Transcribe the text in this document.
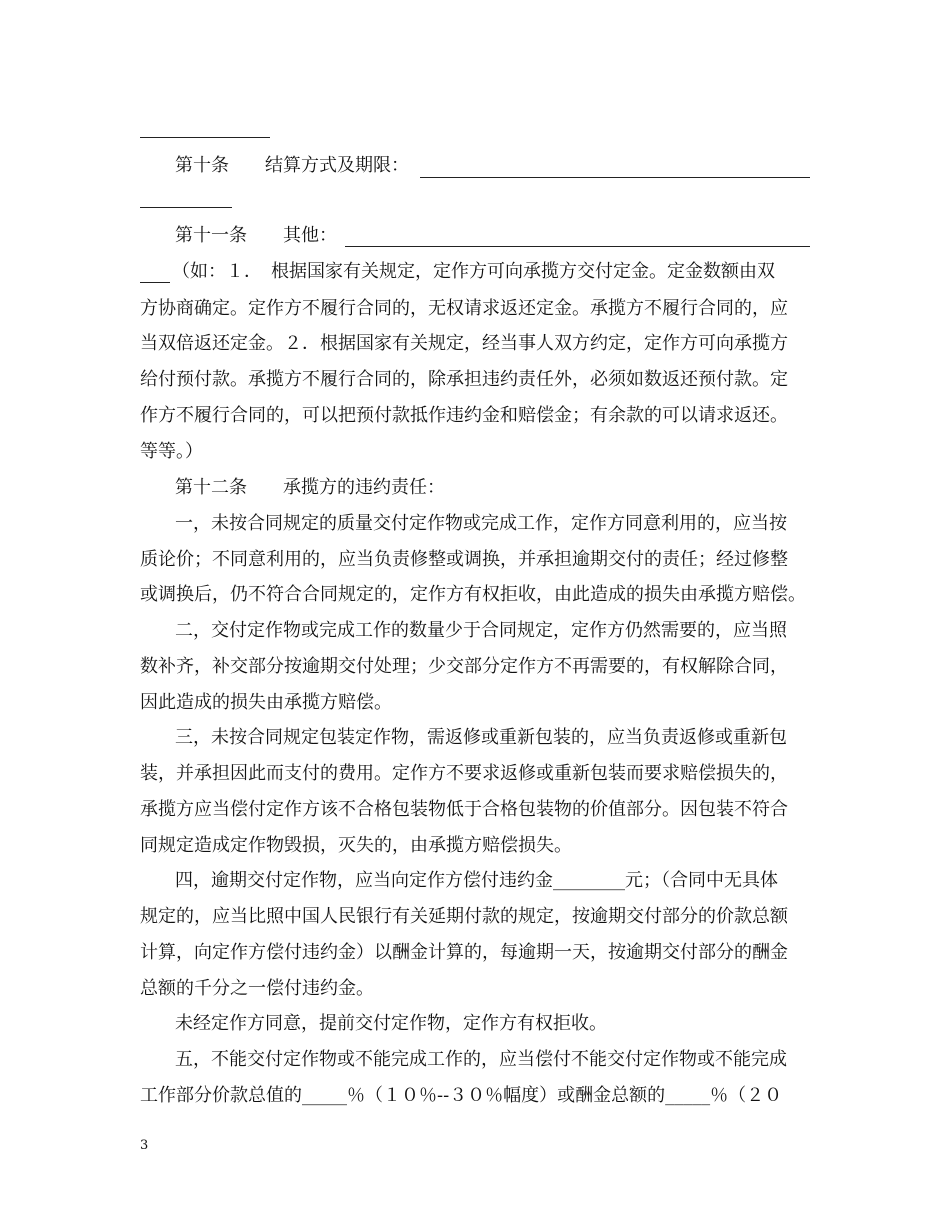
第十条　　结算方式及期限：
第十一条　　其他：
（如：１．　根据国家有关规定，定作方可向承揽方交付定金。定金数额由双
方协商确定。定作方不履行合同的，无权请求返还定金。承揽方不履行合同的，应
当双倍返还定金。２．根据国家有关规定，经当事人双方约定，定作方可向承揽方
给付预付款。承揽方不履行合同的，除承担违约责任外，必须如数返还预付款。定
作方不履行合同的，可以把预付款抵作违约金和赔偿金；有余款的可以请求返还。
等等。）
第十二条　　承揽方的违约责任：
一，未按合同规定的质量交付定作物或完成工作，定作方同意利用的，应当按
质论价；不同意利用的，应当负责修整或调换，并承担逾期交付的责任；经过修整
或调换后，仍不符合合同规定的，定作方有权拒收，由此造成的损失由承揽方赔偿。
二，交付定作物或完成工作的数量少于合同规定，定作方仍然需要的，应当照
数补齐，补交部分按逾期交付处理；少交部分定作方不再需要的，有权解除合同，
因此造成的损失由承揽方赔偿。
三，未按合同规定包装定作物，需返修或重新包装的，应当负责返修或重新包
装，并承担因此而支付的费用。定作方不要求返修或重新包装而要求赔偿损失的，
承揽方应当偿付定作方该不合格包装物低于合格包装物的价值部分。因包装不符合
同规定造成定作物毁损，灭失的，由承揽方赔偿损失。
四，逾期交付定作物，应当向定作方偿付违约金________元；（合同中无具体
规定的，应当比照中国人民银行有关延期付款的规定，按逾期交付部分的价款总额
计算，向定作方偿付违约金）以酬金计算的，每逾期一天，按逾期交付部分的酬金
总额的千分之一偿付违约金。
未经定作方同意，提前交付定作物，定作方有权拒收。
五，不能交付定作物或不能完成工作的，应当偿付不能交付定作物或不能完成
工作部分价款总值的_____％（１０％--３０％幅度）或酬金总额的_____％（２０
3
